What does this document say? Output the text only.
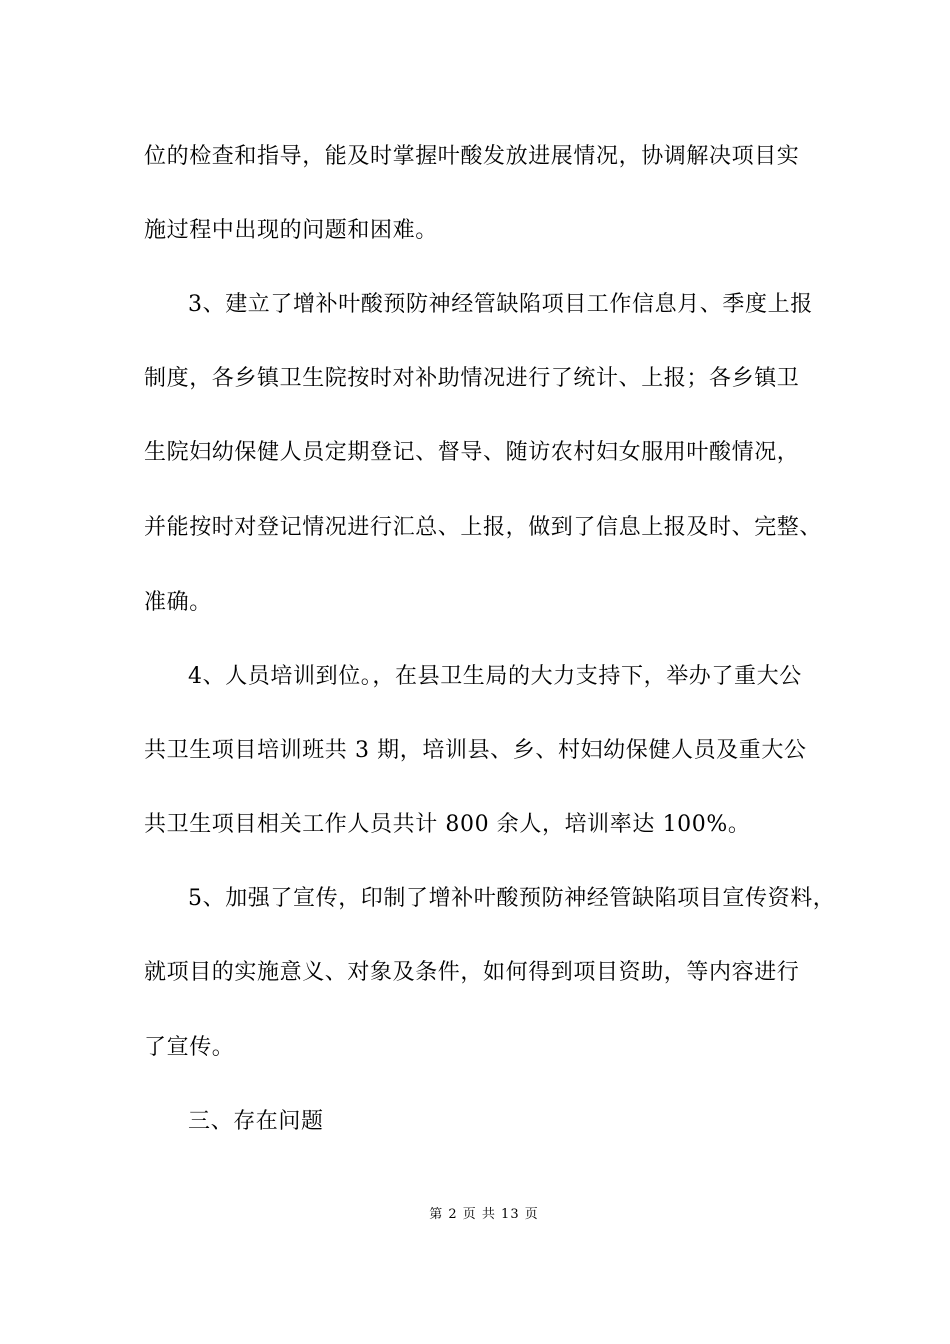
位的检查和指导，能及时掌握叶酸发放进展情况，协调解决项目实
施过程中出现的问题和困难。
3、建立了增补叶酸预防神经管缺陷项目工作信息月、季度上报
制度，各乡镇卫生院按时对补助情况进行了统计、上报；各乡镇卫
生院妇幼保健人员定期登记、督导、随访农村妇女服用叶酸情况，
并能按时对登记情况进行汇总、上报，做到了信息上报及时、完整、
准确。
4、人员培训到位。，在县卫生局的大力支持下，举办了重大公
共卫生项目培训班共 3 期，培训县、乡、村妇幼保健人员及重大公
共卫生项目相关工作人员共计 800 余人，培训率达 100%。
5、加强了宣传，印制了增补叶酸预防神经管缺陷项目宣传资料，
就项目的实施意义、对象及条件，如何得到项目资助，等内容进行
了宣传。
三、存在问题
第 2 页 共 13 页
